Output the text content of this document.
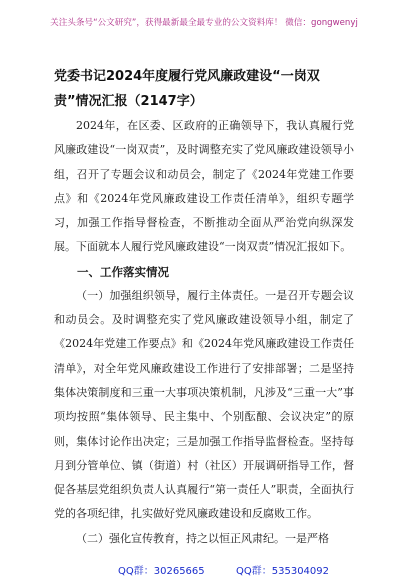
关注头条号“公文研究”，获得最新最全最专业的公文资料库！ 微信：gongwenyj

党委书记2024年度履行党风廉政建设“一岗双责”情况汇报（2147字）

2024年，在区委、区政府的正确领导下，我认真履行党风廉政建设“一岗双责”，及时调整充实了党风廉政建设领导小组，召开了专题会议和动员会，制定了《2024年党建工作要点》和《2024年党风廉政建设工作责任清单》，组织专题学习，加强工作指导督检查，不断推动全面从严治党向纵深发展。下面就本人履行党风廉政建设“一岗双责”情况汇报如下。

一、工作落实情况

（一）加强组织领导，履行主体责任。一是召开专题会议和动员会。及时调整充实了党风廉政建设领导小组，制定了《2024年党建工作要点》和《2024年党风廉政建设工作责任清单》，对全年党风廉政建设工作进行了安排部署；二是坚持集体决策制度和三重一大事项决策机制，凡涉及“三重一大”事项均按照“集体领导、民主集中、个别酝酿、会议决定”的原则，集体讨论作出决定；三是加强工作指导监督检查。坚持每月到分管单位、镇（街道）村（社区）开展调研指导工作，督促各基层党组织负责人认真履行“第一责任人”职责，全面执行党的各项纪律，扎实做好党风廉政建设和反腐败工作。

（二）强化宣传教育，持之以恒正风肃纪。一是严格

QQ群：30265665	QQ群：535304092
